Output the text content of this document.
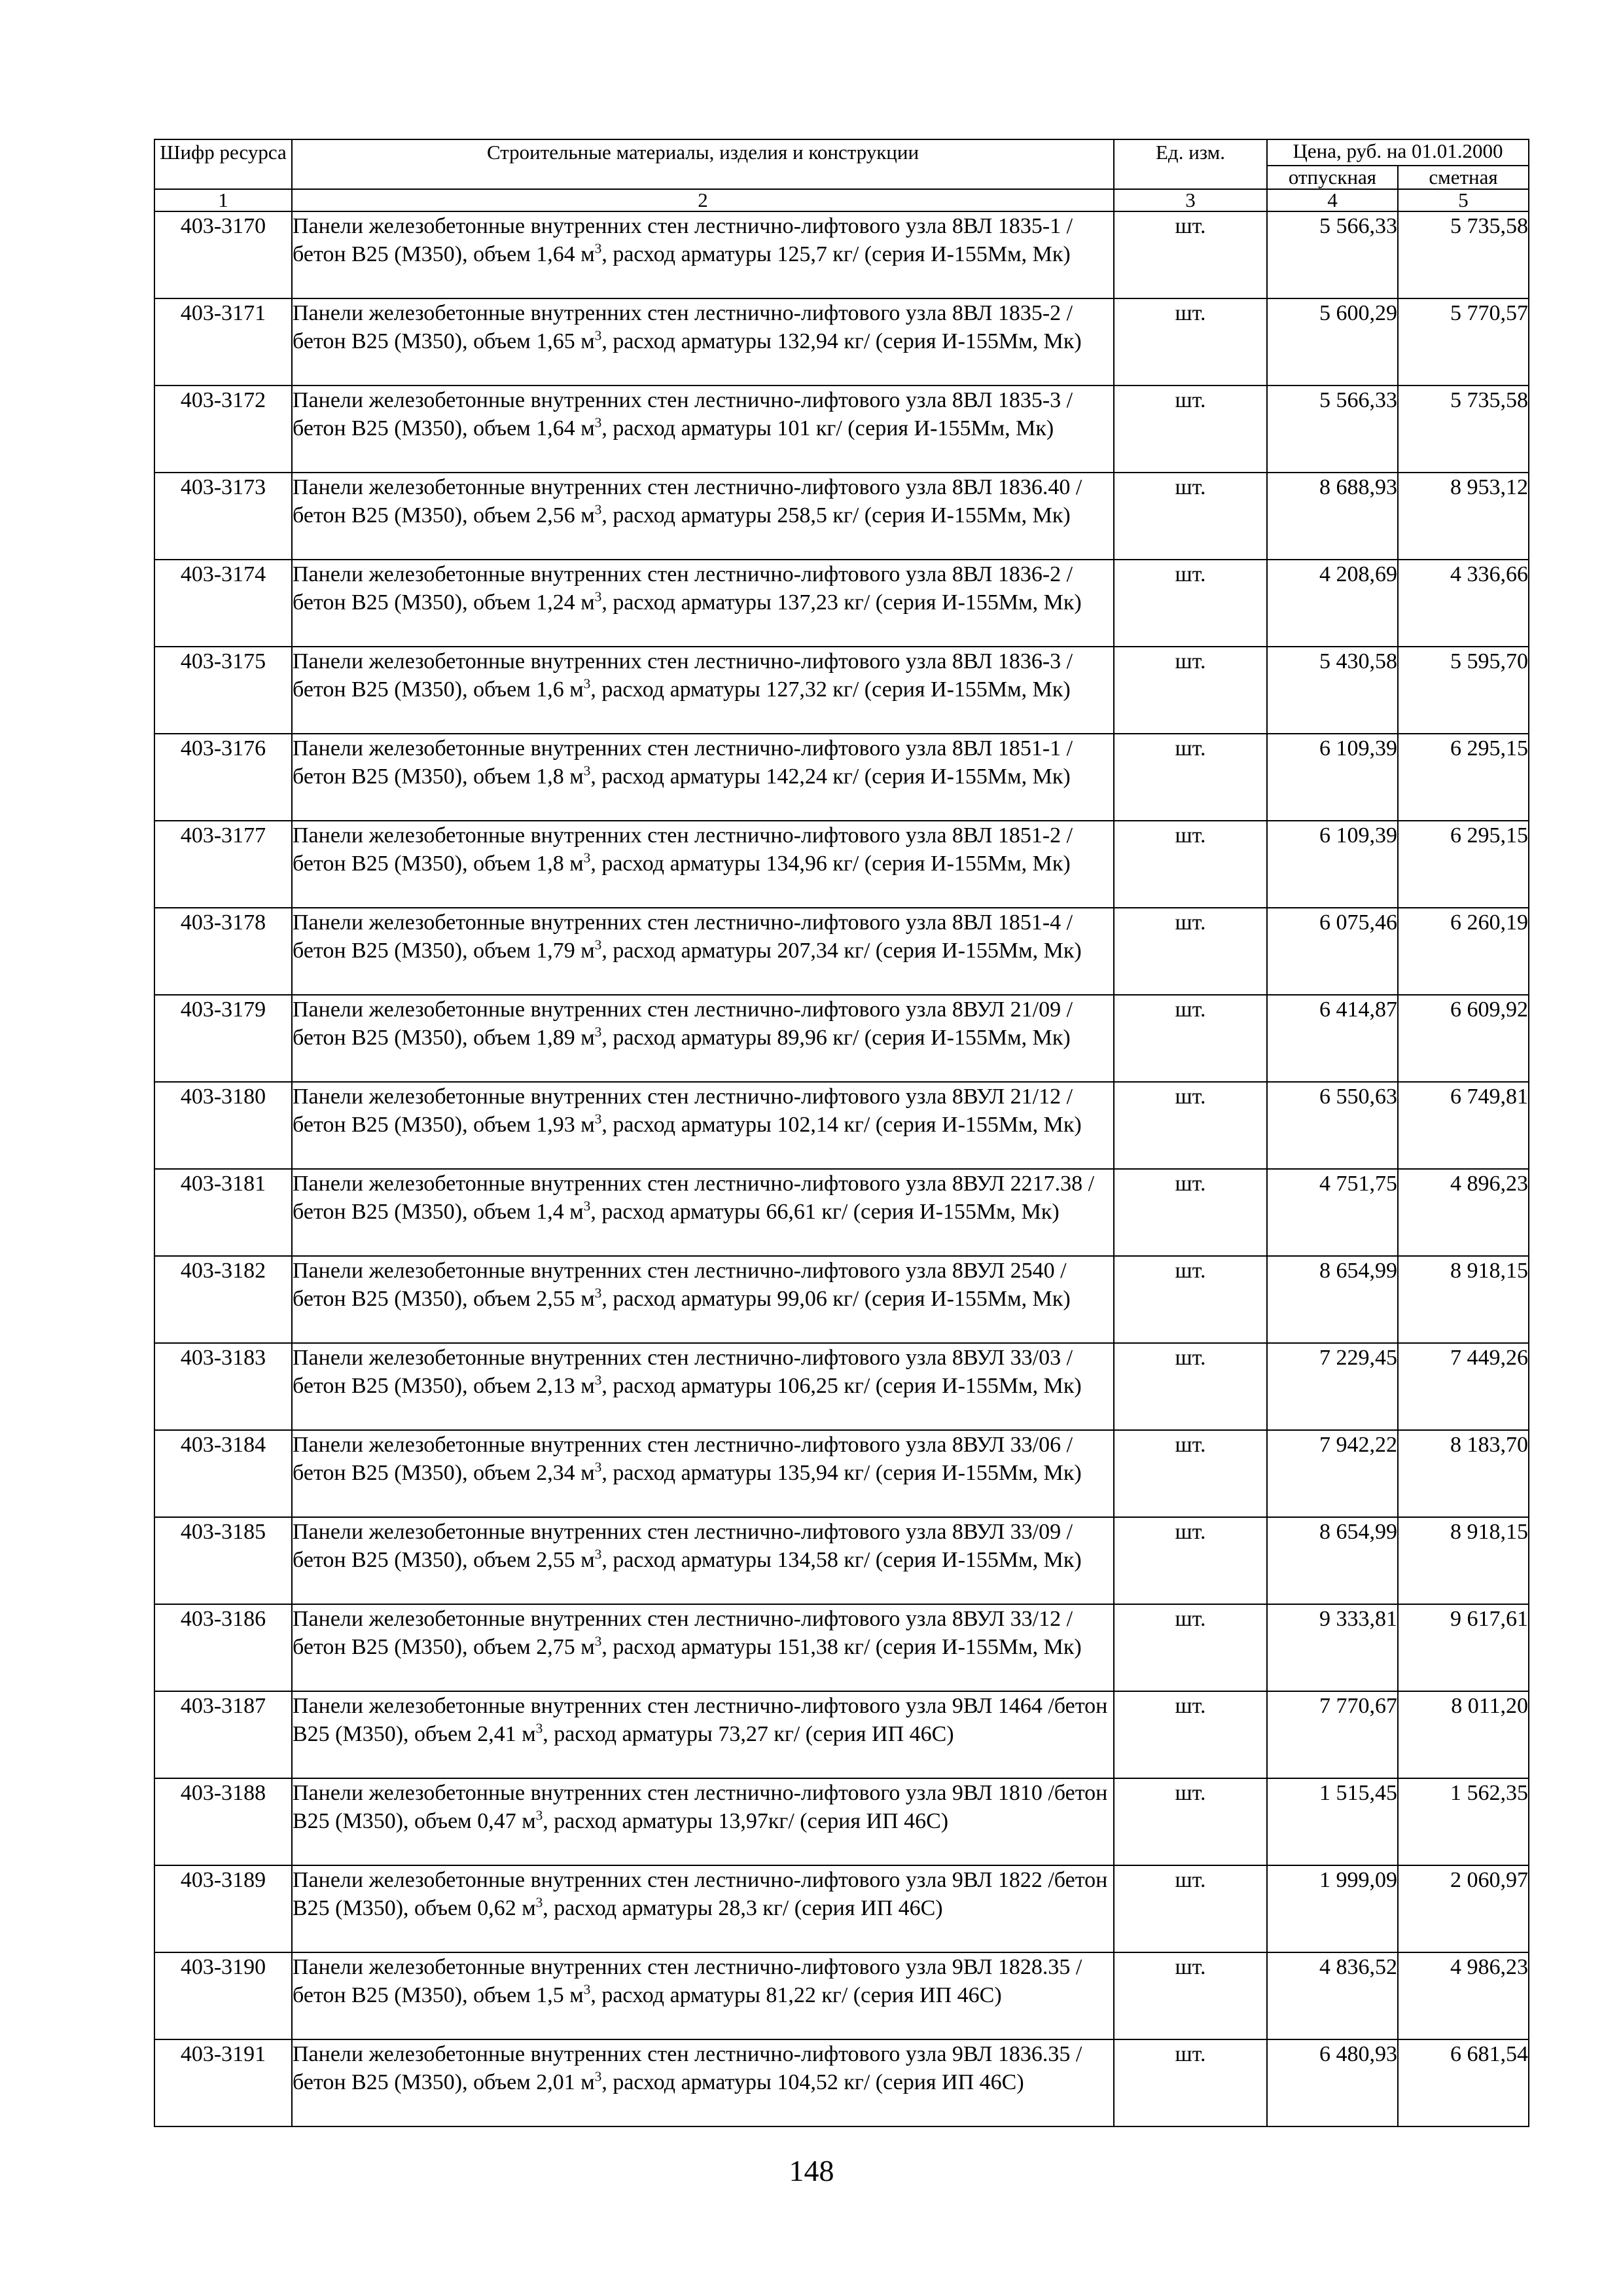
Шифр ресурса	Строительные материалы, изделия и конструкции	Ед. изм.	Цена, руб. на 01.01.2000	
			отпускная	сметная
1	2	3	4	5
403-3170	Панели железобетонные внутренних стен лестнично-лифтового узла 8ВЛ 1835-1 /бетон В25 (М350), объем 1,64 $м^3$, расход арматуры 125,7 кг/ (серия И-155Мм, Мк)	шт.	5 566,33	5 735,58
403-3171	Панели железобетонные внутренних стен лестнично-лифтового узла 8ВЛ 1835-2 /бетон В25 (М350), объем 1,65 $м^3$, расход арматуры 132,94 кг/ (серия И-155Мм, Мк)	шт.	5 600,29	5 770,57
403-3172	Панели железобетонные внутренних стен лестнично-лифтового узла 8ВЛ 1835-3 /бетон В25 (М350), объем 1,64 $м^3$, расход арматуры 101 кг/ (серия И-155Мм, Мк)	шт.	5 566,33	5 735,58
403-3173	Панели железобетонные внутренних стен лестнично-лифтового узла 8ВЛ 1836.40 /бетон В25 (М350), объем 2,56 $м^3$, расход арматуры 258,5 кг/ (серия И-155Мм, Мк)	шт.	8 688,93	8 953,12
403-3174	Панели железобетонные внутренних стен лестнично-лифтового узла 8ВЛ 1836-2 /бетон В25 (М350), объем 1,24 $м^3$, расход арматуры 137,23 кг/ (серия И-155Мм, Мк)	шт.	4 208,69	4 336,66
403-3175	Панели железобетонные внутренних стен лестнично-лифтового узла 8ВЛ 1836-3 /бетон В25 (М350), объем 1,6 $м^3$, расход арматуры 127,32 кг/ (серия И-155Мм, Мк)	шт.	5 430,58	5 595,70
403-3176	Панели железобетонные внутренних стен лестнично-лифтового узла 8ВЛ 1851-1 /бетон В25 (М350), объем 1,8 $м^3$, расход арматуры 142,24 кг/ (серия И-155Мм, Мк)	шт.	6 109,39	6 295,15
403-3177	Панели железобетонные внутренних стен лестнично-лифтового узла 8ВЛ 1851-2 /бетон В25 (М350), объем 1,8 $м^3$, расход арматуры 134,96 кг/ (серия И-155Мм, Мк)	шт.	6 109,39	6 295,15
403-3178	Панели железобетонные внутренних стен лестнично-лифтового узла 8ВЛ 1851-4 /бетон В25 (М350), объем 1,79 $м^3$, расход арматуры 207,34 кг/ (серия И-155Мм, Мк)	шт.	6 075,46	6 260,19
403-3179	Панели железобетонные внутренних стен лестнично-лифтового узла 8ВУЛ 21/09 /бетон В25 (М350), объем 1,89 $м^3$, расход арматуры 89,96 кг/ (серия И-155Мм, Мк)	шт.	6 414,87	6 609,92
403-3180	Панели железобетонные внутренних стен лестнично-лифтового узла 8ВУЛ 21/12 /бетон В25 (М350), объем 1,93 $м^3$, расход арматуры 102,14 кг/ (серия И-155Мм, Мк)	шт.	6 550,63	6 749,81
403-3181	Панели железобетонные внутренних стен лестнично-лифтового узла 8ВУЛ 2217.38 /бетон В25 (М350), объем 1,4 $м^3$, расход арматуры 66,61 кг/ (серия И-155Мм, Мк)	шт.	4 751,75	4 896,23
403-3182	Панели железобетонные внутренних стен лестнично-лифтового узла 8ВУЛ 2540 /бетон В25 (М350), объем 2,55 $м^3$, расход арматуры 99,06 кг/ (серия И-155Мм, Мк)	шт.	8 654,99	8 918,15
403-3183	Панели железобетонные внутренних стен лестнично-лифтового узла 8ВУЛ 33/03 /бетон В25 (М350), объем 2,13 $м^3$, расход арматуры 106,25 кг/ (серия И-155Мм, Мк)	шт.	7 229,45	7 449,26
403-3184	Панели железобетонные внутренних стен лестнично-лифтового узла 8ВУЛ 33/06 /бетон В25 (М350), объем 2,34 $м^3$, расход арматуры 135,94 кг/ (серия И-155Мм, Мк)	шт.	7 942,22	8 183,70
403-3185	Панели железобетонные внутренних стен лестнично-лифтового узла 8ВУЛ 33/09 /бетон В25 (М350), объем 2,55 $м^3$, расход арматуры 134,58 кг/ (серия И-155Мм, Мк)	шт.	8 654,99	8 918,15
403-3186	Панели железобетонные внутренних стен лестнично-лифтового узла 8ВУЛ 33/12 /бетон В25 (М350), объем 2,75 $м^3$, расход арматуры 151,38 кг/ (серия И-155Мм, Мк)	шт.	9 333,81	9 617,61
403-3187	Панели железобетонные внутренних стен лестнично-лифтового узла 9ВЛ 1464 /бетон В25 (М350), объем 2,41 $м^3$, расход арматуры 73,27 кг/ (серия ИП 46С)	шт.	7 770,67	8 011,20
403-3188	Панели железобетонные внутренних стен лестнично-лифтового узла 9ВЛ 1810 /бетон В25 (М350), объем 0,47 $м^3$, расход арматуры 13,97кг/ (серия ИП 46С)	шт.	1 515,45	1 562,35
403-3189	Панели железобетонные внутренних стен лестнично-лифтового узла 9ВЛ 1822 /бетон В25 (М350), объем 0,62 $м^3$, расход арматуры 28,3 кг/ (серия ИП 46С)	шт.	1 999,09	2 060,97
403-3190	Панели железобетонные внутренних стен лестнично-лифтового узла 9ВЛ 1828.35 /бетон В25 (М350), объем 1,5 $м^3$, расход арматуры 81,22 кг/ (серия ИП 46С)	шт.	4 836,52	4 986,23
403-3191	Панели железобетонные внутренних стен лестнично-лифтового узла 9ВЛ 1836.35 /бетон В25 (М350), объем 2,01 $м^3$, расход арматуры 104,52 кг/ (серия ИП 46С)	шт.	6 480,93	6 681,54
148
